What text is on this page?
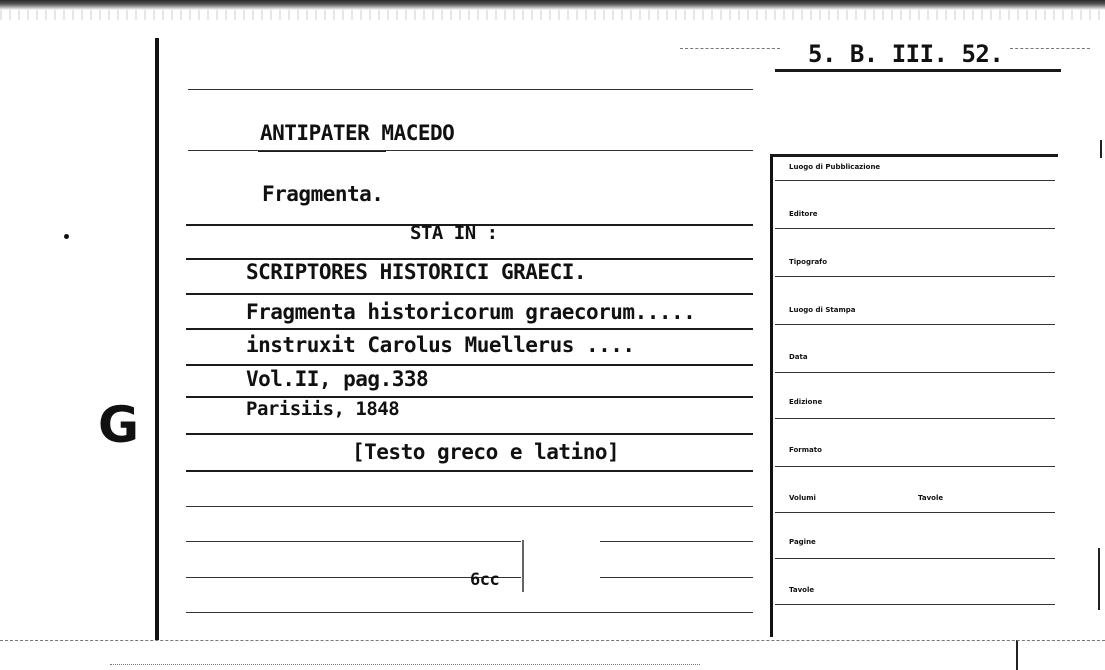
G
5. B. III. 52.
ANTIPATER MACEDO
Fragmenta.
STA IN :
SCRIPTORES HISTORICI GRAECI.
Fragmenta historicorum graecorum.....
instruxit Carolus Muellerus ....
Vol.II, pag.338
Parisiis, 1848
[Testo greco e latino]
6cc
Luogo di Pubblicazione
Editore
Tipografo
Luogo di Stampa
Data
Edizione
Formato
Volumi	Tavole
Pagine
Tavole
